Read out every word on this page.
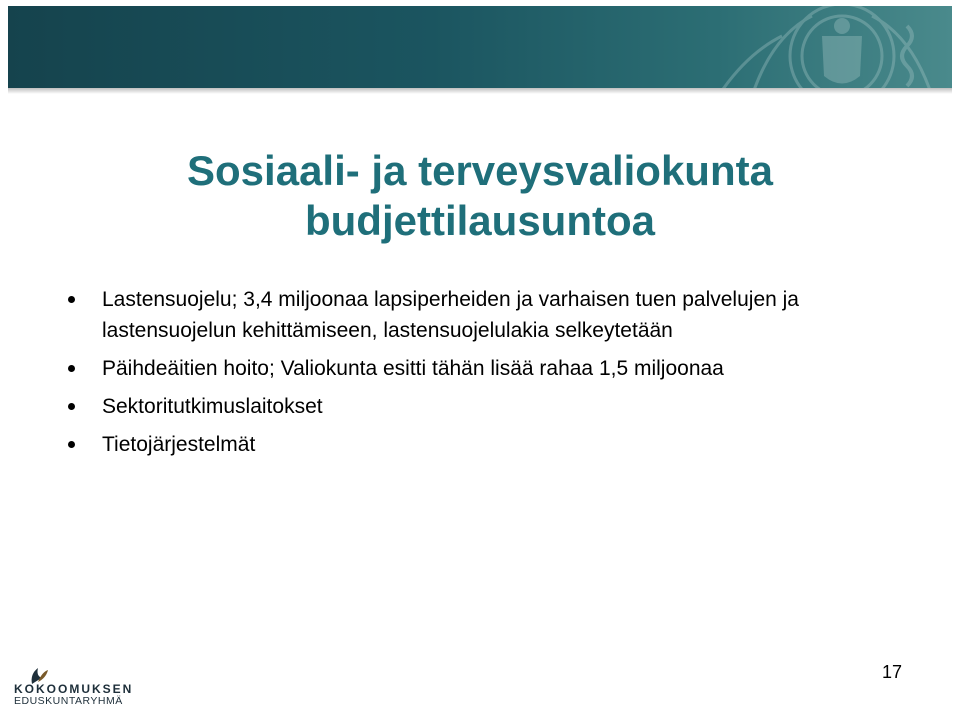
Sosiaali- ja terveysvaliokunta
budjettilausuntoa
Lastensuojelu; 3,4 miljoonaa lapsiperheiden ja varhaisen tuen palvelujen ja lastensuojelun kehittämiseen, lastensuojelulakia selkeytetään
Päihdeäitien hoito; Valiokunta esitti tähän lisää rahaa 1,5 miljoonaa
Sektoritutkimuslaitokset
Tietojärjestelmät
KOKOOMUKSEN
EDUSKUNTARYHMÄ
17
